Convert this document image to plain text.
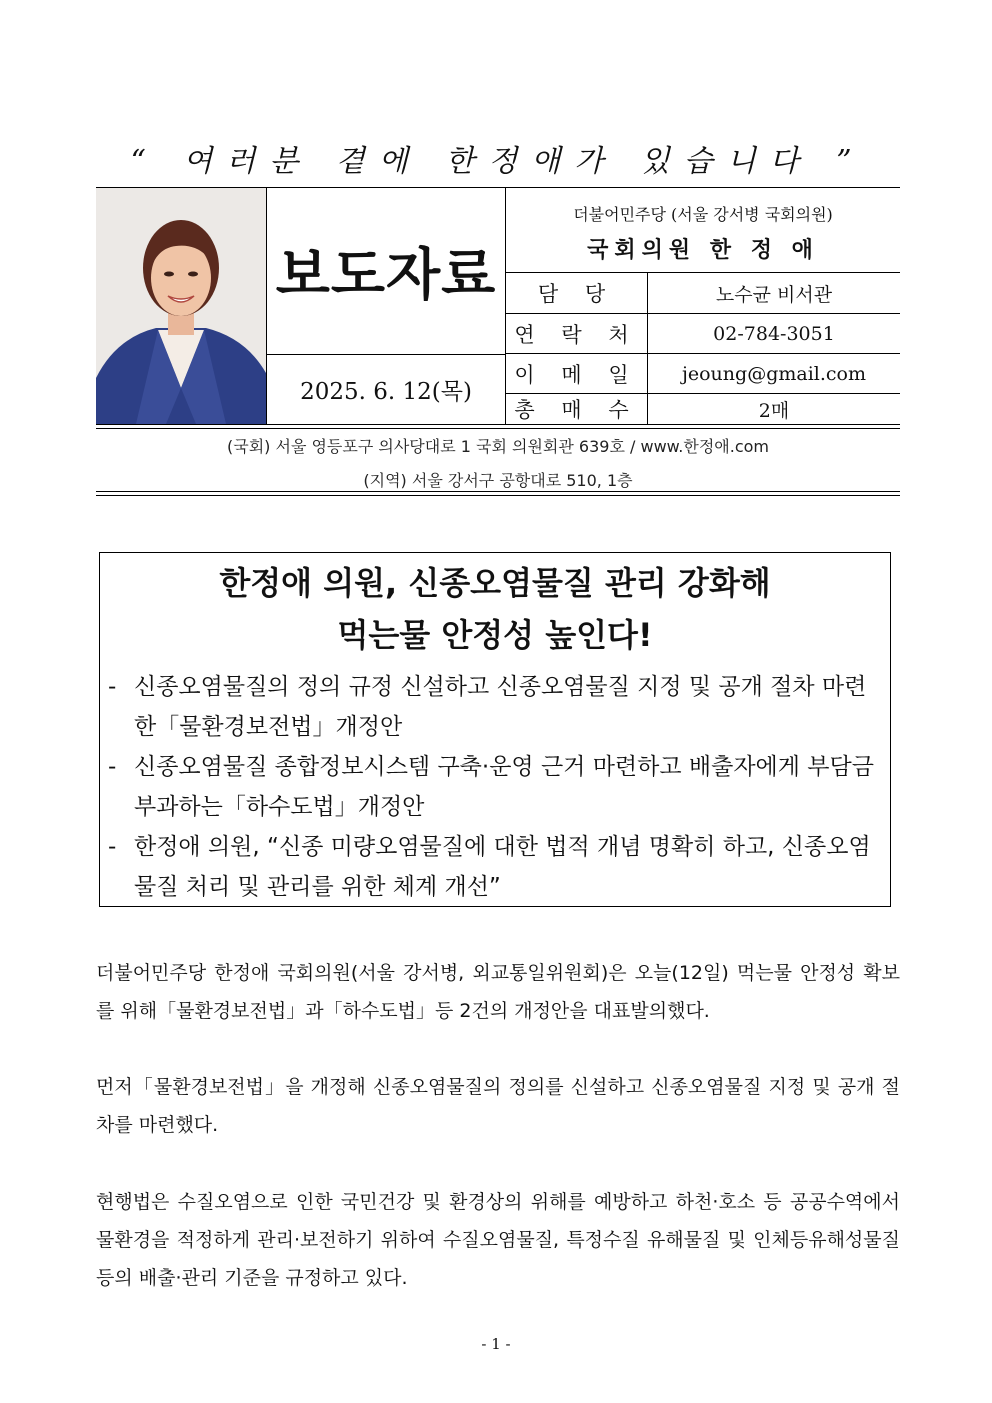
“ 여러분 곁에 한정애가 있습니다 ”
보도자료
2025. 6. 12(목)
더불어민주당 (서울 강서병 국회의원)
국회의원 한 정 애
담 당	노수균 비서관
연 락 처	02-784-3051
이 메 일	jeoung@gmail.com
총 매 수	2매
(국회) 서울 영등포구 의사당대로 1 국회 의원회관 639호 / www.한정애.com
(지역) 서울 강서구 공항대로 510, 1층
한정애 의원, 신종오염물질 관리 강화해
먹는물 안정성 높인다!
- 신종오염물질의 정의 규정 신설하고 신종오염물질 지정 및 공개 절차 마련한「물환경보전법」개정안
- 신종오염물질 종합정보시스템 구축·운영 근거 마련하고 배출자에게 부담금 부과하는「하수도법」개정안
- 한정애 의원, “신종 미량오염물질에 대한 법적 개념 명확히 하고, 신종오염물질 처리 및 관리를 위한 체계 개선”
더불어민주당 한정애 국회의원(서울 강서병, 외교통일위원회)은 오늘(12일) 먹는물 안정성 확보를 위해「물환경보전법」과「하수도법」등 2건의 개정안을 대표발의했다.
먼저「물환경보전법」을 개정해 신종오염물질의 정의를 신설하고 신종오염물질 지정 및 공개 절차를 마련했다.
현행법은 수질오염으로 인한 국민건강 및 환경상의 위해를 예방하고 하천·호소 등 공공수역에서 물환경을 적정하게 관리·보전하기 위하여 수질오염물질, 특정수질 유해물질 및 인체등유해성물질 등의 배출·관리 기준을 규정하고 있다.
- 1 -
